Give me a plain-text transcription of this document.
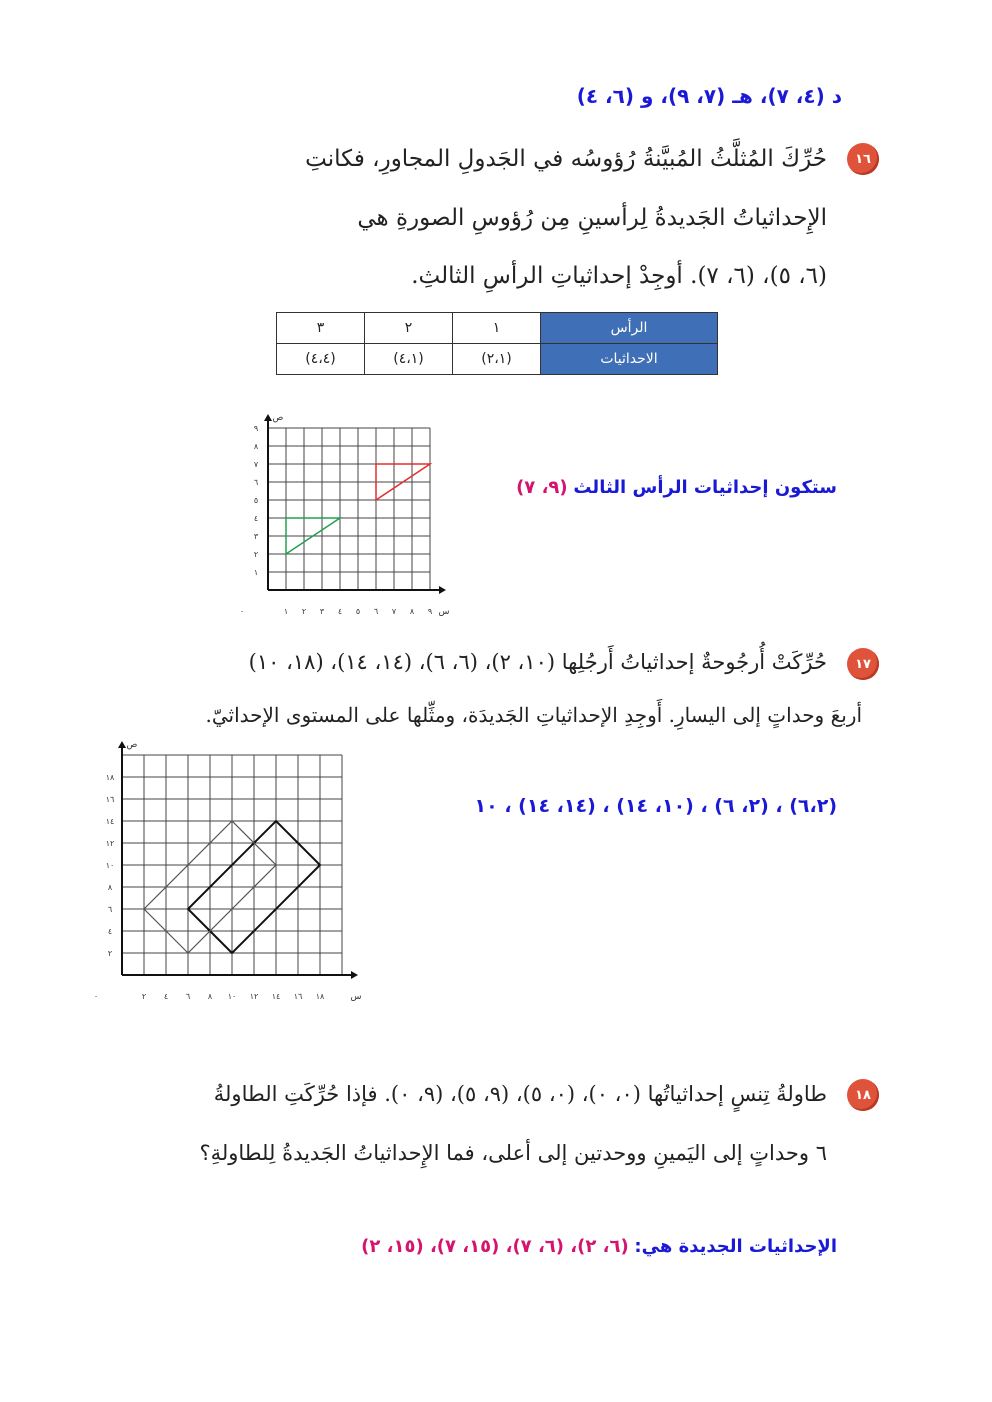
د (٤، ٧)، هـ (٧، ٩)، و (٦، ٤)
١٦
حُرِّكَ المُثلَّثُ المُبيَّنةُ رُؤوسُه في الجَدولِ المجاورِ، فكانتِ
الإِحداثياتُ الجَديدةُ لِرأسينِ مِن رُؤوسِ الصورةِ هي
(٦، ٥)، (٦، ٧). أوجِدْ إحداثياتِ الرأسِ الثالثِ.
الرأس	١	٢	٣
الاحداثيات	(٢،١)	(٤،١)	(٤،٤)
٠	١ ٢ ٣ ٤ ٥ ٦ ٧ ٨ ٩
١
٢
٣
٤
٥
٦
٧
٨
٩
س
ص
ستكون إحداثيات الرأس الثالث (٩، ٧)
١٧
حُرِّكَتْ أُرجُوحةٌ إحداثياتُ أَرجُلِها (١٠، ٢)، (٦، ٦)، (١٤، ١٤)، (١٨، ١٠)
أربعَ وحداتٍ إلى اليسارِ. أَوجِدِ الإحداثياتِ الجَديدَة، ومثِّلها على المستوى الإحداثيّ.
٠	٢ ٤ ٦ ٨ ١٠ ١٢ ١٤ ١٦ ١٨
٢
٤
٦
٨
١٠
١٢
١٤
١٦
١٨
س
ص
(٦،٢) ، (٢، ٦) ، (١٠، ١٤) ، (١٤، ١٤) ، ١٠
١٨
طاولةُ تِنسٍ إحداثياتُها (٠، ٠)، (٠، ٥)، (٩، ٥)، (٩، ٠). فإذا حُرِّكَتِ الطاولةُ
٦ وحداتٍ إلى اليَمينِ ووحدتين إلى أعلى، فما الإِحداثياتُ الجَديدةُ لِلطاولةِ؟
الإحداثيات الجديدة هي: (٦، ٢)، (٦، ٧)، (١٥، ٧)، (١٥، ٢)
